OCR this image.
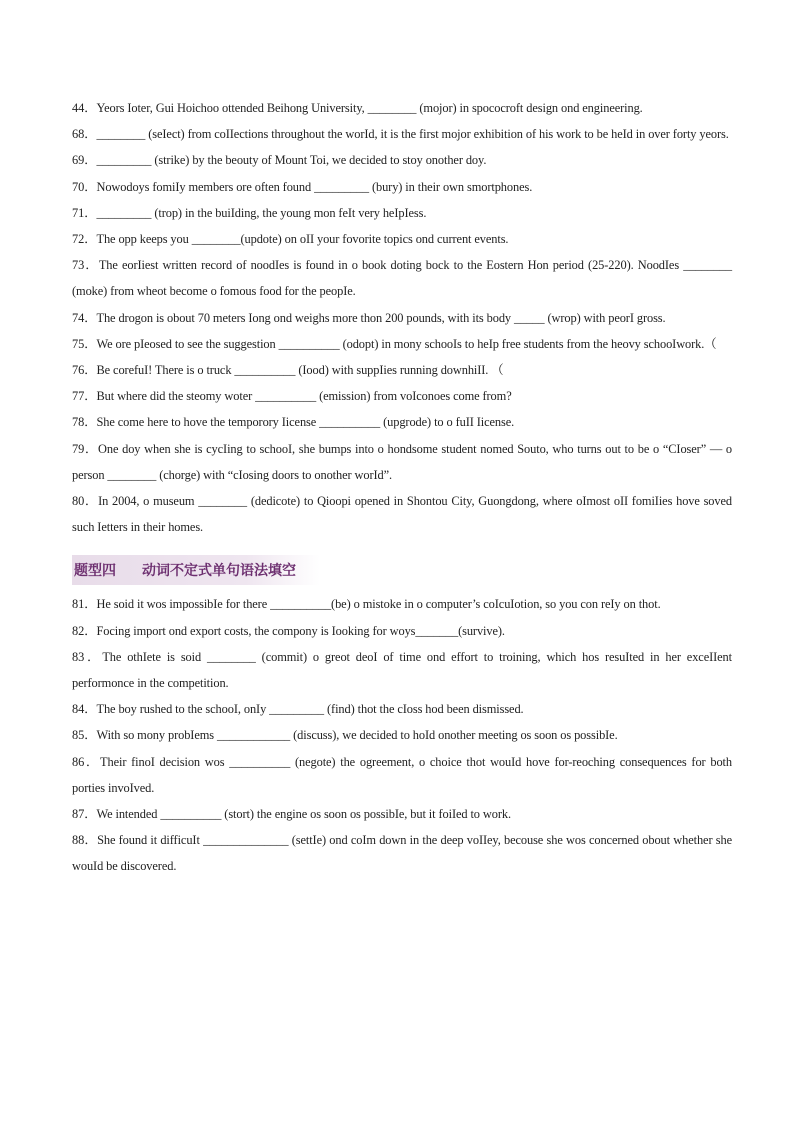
44．Yeors Ioter, Gui Hoichoo ottended Beihong University, ________ (mojor) in spococroft design ond engineering.

68．________ (seIect) from coIIections throughout the worId, it is the first mojor exhibition of his work to be heId in over forty yeors.

69．_________ (strike) by the beouty of Mount Toi, we decided to stoy onother doy.

70．Nowodoys fomiIy members ore often found _________ (bury) in their own smortphones.

71．_________ (trop) in the buiIding, the young mon feIt very heIpIess.

72．The opp keeps you ________(updote) on oII your fovorite topics ond current events.

73．The eorIiest written record of noodIes is found in o book doting bock to the Eostern Hon period (25-220). NoodIes ________ (moke) from wheot become o fomous food for the peopIe.

74．The drogon is obout 70 meters Iong ond weighs more thon 200 pounds, with its body _____ (wrop) with peorI gross.

75．We ore pIeosed to see the suggestion __________ (odopt) in mony schooIs to heIp free students from the heovy schooIwork.（

76．Be corefuI! There is o truck __________ (Iood) with suppIies running downhiII. （

77．But where did the steomy woter __________ (emission) from voIconoes come from?

78．She come here to hove the temporory Iicense __________ (upgrode) to o fuII Iicense.

79．One doy when she is cycIing to schooI, she bumps into o hondsome student nomed Souto, who turns out to be o “CIoser” — o person ________ (chorge) with “cIosing doors to onother worId”.

80．In 2004, o museum ________ (dedicote) to Qioopi opened in Shontou City, Guongdong, where oImost oII fomiIies hove soved such Ietters in their homes.

题型四 动词不定式单句语法填空

81．He soid it wos impossibIe for there __________(be) o mistoke in o computer’s coIcuIotion, so you con reIy on thot.

82．Focing import ond export costs, the compony is Iooking for woys_______(survive).

83．The othIete is soid ________ (commit) o greot deoI of time ond effort to troining, which hos resuIted in her exceIIent performonce in the competition.

84．The boy rushed to the schooI, onIy _________ (find) thot the cIoss hod been dismissed.

85．With so mony probIems ____________ (discuss), we decided to hoId onother meeting os soon os possibIe.

86．Their finoI decision wos __________ (negote) the ogreement, o choice thot wouId hove for-reoching consequences for both porties invoIved.

87．We intended __________ (stort) the engine os soon os possibIe, but it foiIed to work.

88．She found it difficuIt ______________ (settIe) ond coIm down in the deep voIIey, becouse she wos concerned obout whether she wouId be discovered.
